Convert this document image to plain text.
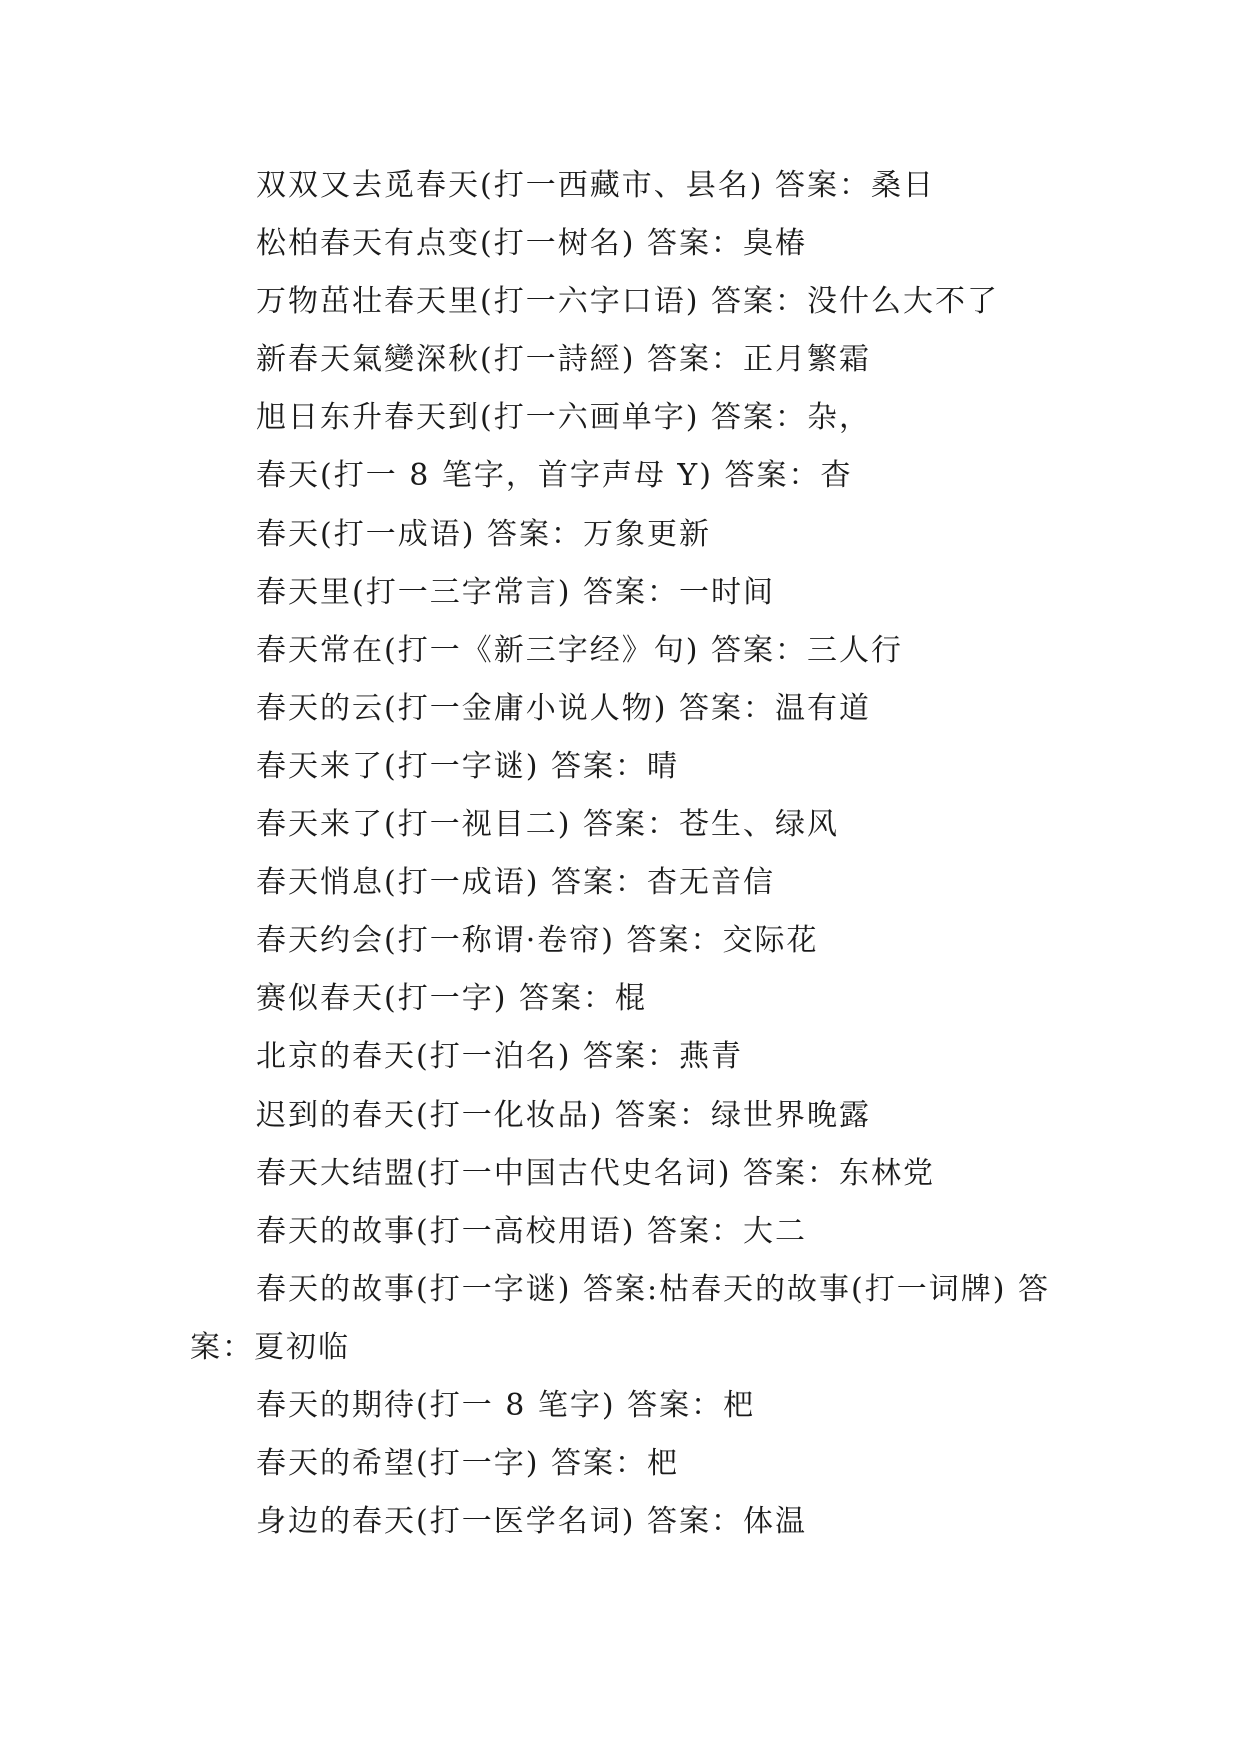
双双又去觅春天(打一西藏市、县名) 答案：桑日

松柏春天有点变(打一树名) 答案：臭椿

万物茁壮春天里(打一六字口语) 答案：没什么大不了

新春天氣變深秋(打一詩經) 答案：正月繁霜

旭日东升春天到(打一六画单字) 答案：杂，

春天(打一 8 笔字，首字声母 Y) 答案：杳

春天(打一成语) 答案：万象更新

春天里(打一三字常言) 答案：一时间

春天常在(打一《新三字经》句) 答案：三人行

春天的云(打一金庸小说人物) 答案：温有道

春天来了(打一字谜) 答案：晴

春天来了(打一视目二) 答案：苍生、绿风

春天悄息(打一成语) 答案：杳无音信

春天约会(打一称谓·卷帘) 答案：交际花

赛似春天(打一字) 答案：棍

北京的春天(打一泊名) 答案：燕青

迟到的春天(打一化妆品) 答案：绿世界晚露

春天大结盟(打一中国古代史名词) 答案：东林党

春天的故事(打一高校用语) 答案：大二

春天的故事(打一字谜) 答案:枯春天的故事(打一词牌) 答案：夏初临

春天的期待(打一 8 笔字) 答案：杷

春天的希望(打一字) 答案：杷

身边的春天(打一医学名词) 答案：体温
